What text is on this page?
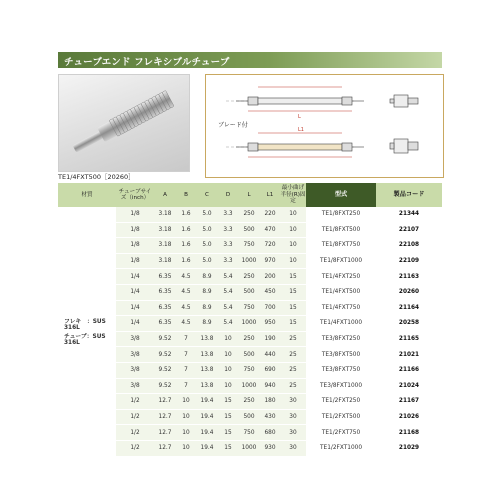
チューブエンド フレキシブルチューブ
TE1/4FXT500［20260］
ブレード付
L
L1
材質	チューブサイズ（inch）	A	B	C	D	L	L1	最小曲げ半径(R)固定	型式	製品コード

フレキ　：SUS 316L
チューブ：SUS 316L	1/8	3.18	1.6	5.0	3.3	250	220	10	TE1/8FXT250	21344
	1/8	3.18	1.6	5.0	3.3	500	470	10	TE1/8FXT500	22107
	1/8	3.18	1.6	5.0	3.3	750	720	10	TE1/8FXT750	22108
	1/8	3.18	1.6	5.0	3.3	1000	970	10	TE1/8FXT1000	22109
	1/4	6.35	4.5	8.9	5.4	250	200	15	TE1/4FXT250	21163
	1/4	6.35	4.5	8.9	5.4	500	450	15	TE1/4FXT500	20260
	1/4	6.35	4.5	8.9	5.4	750	700	15	TE1/4FXT750	21164
	1/4	6.35	4.5	8.9	5.4	1000	950	15	TE1/4FXT1000	20258
	3/8	9.52	7	13.8	10	250	190	25	TE3/8FXT250	21165
	3/8	9.52	7	13.8	10	500	440	25	TE3/8FXT500	21021
	3/8	9.52	7	13.8	10	750	690	25	TE3/8FXT750	21166
	3/8	9.52	7	13.8	10	1000	940	25	TE3/8FXT1000	21024
	1/2	12.7	10	19.4	15	250	180	30	TE1/2FXT250	21167
	1/2	12.7	10	19.4	15	500	430	30	TE1/2FXT500	21026
	1/2	12.7	10	19.4	15	750	680	30	TE1/2FXT750	21168
	1/2	12.7	10	19.4	15	1000	930	30	TE1/2FXT1000	21029
